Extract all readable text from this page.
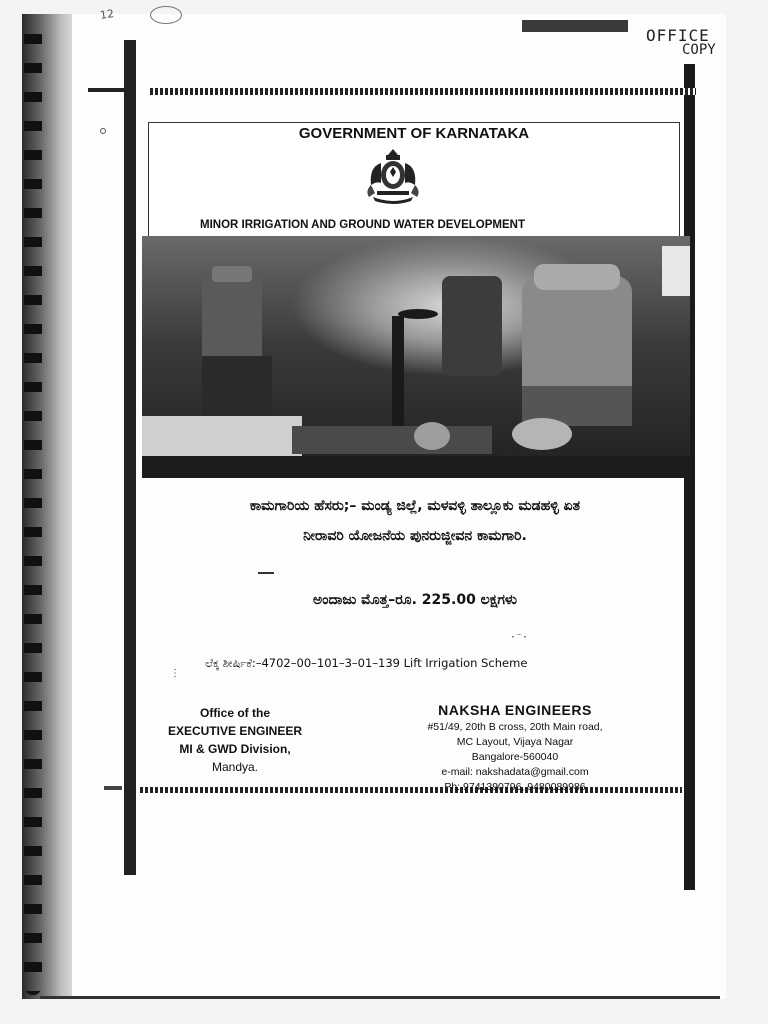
12
OFFICE
COPY
GOVERNMENT OF KARNATAKA
MINOR IRRIGATION AND GROUND WATER DEVELOPMENT
ಕಾಮಗಾರಿಯ ಹೆಸರು;– ಮಂಡ್ಯ ಜಿಲ್ಲೆ, ಮಳವಳ್ಳಿ ತಾಲ್ಲೂಕು ಮಡಹಳ್ಳಿ ಏತ
ನೀರಾವರಿ ಯೋಜನೆಯ ಪುನರುಜ್ಜೀವನ ಕಾಮಗಾರಿ.
ಅಂದಾಜು ಮೊತ್ತ–ರೂ. 225.00 ಲಕ್ಷಗಳು
ಲೆಕ್ಕ ಶೀರ್ಷಿಕೆ:–4702–00–101–3–01–139 Lift Irrigation Scheme
⋮
·⁻·
Office of the
EXECUTIVE ENGINEER
MI & GWD Division,
Mandya.
NAKSHA ENGINEERS
#51/49, 20th B cross, 20th Main road,
MC Layout, Vijaya Nagar
Bangalore-560040
e-mail: nakshadata@gmail.com
Ph: 9741390796, 9480089986
